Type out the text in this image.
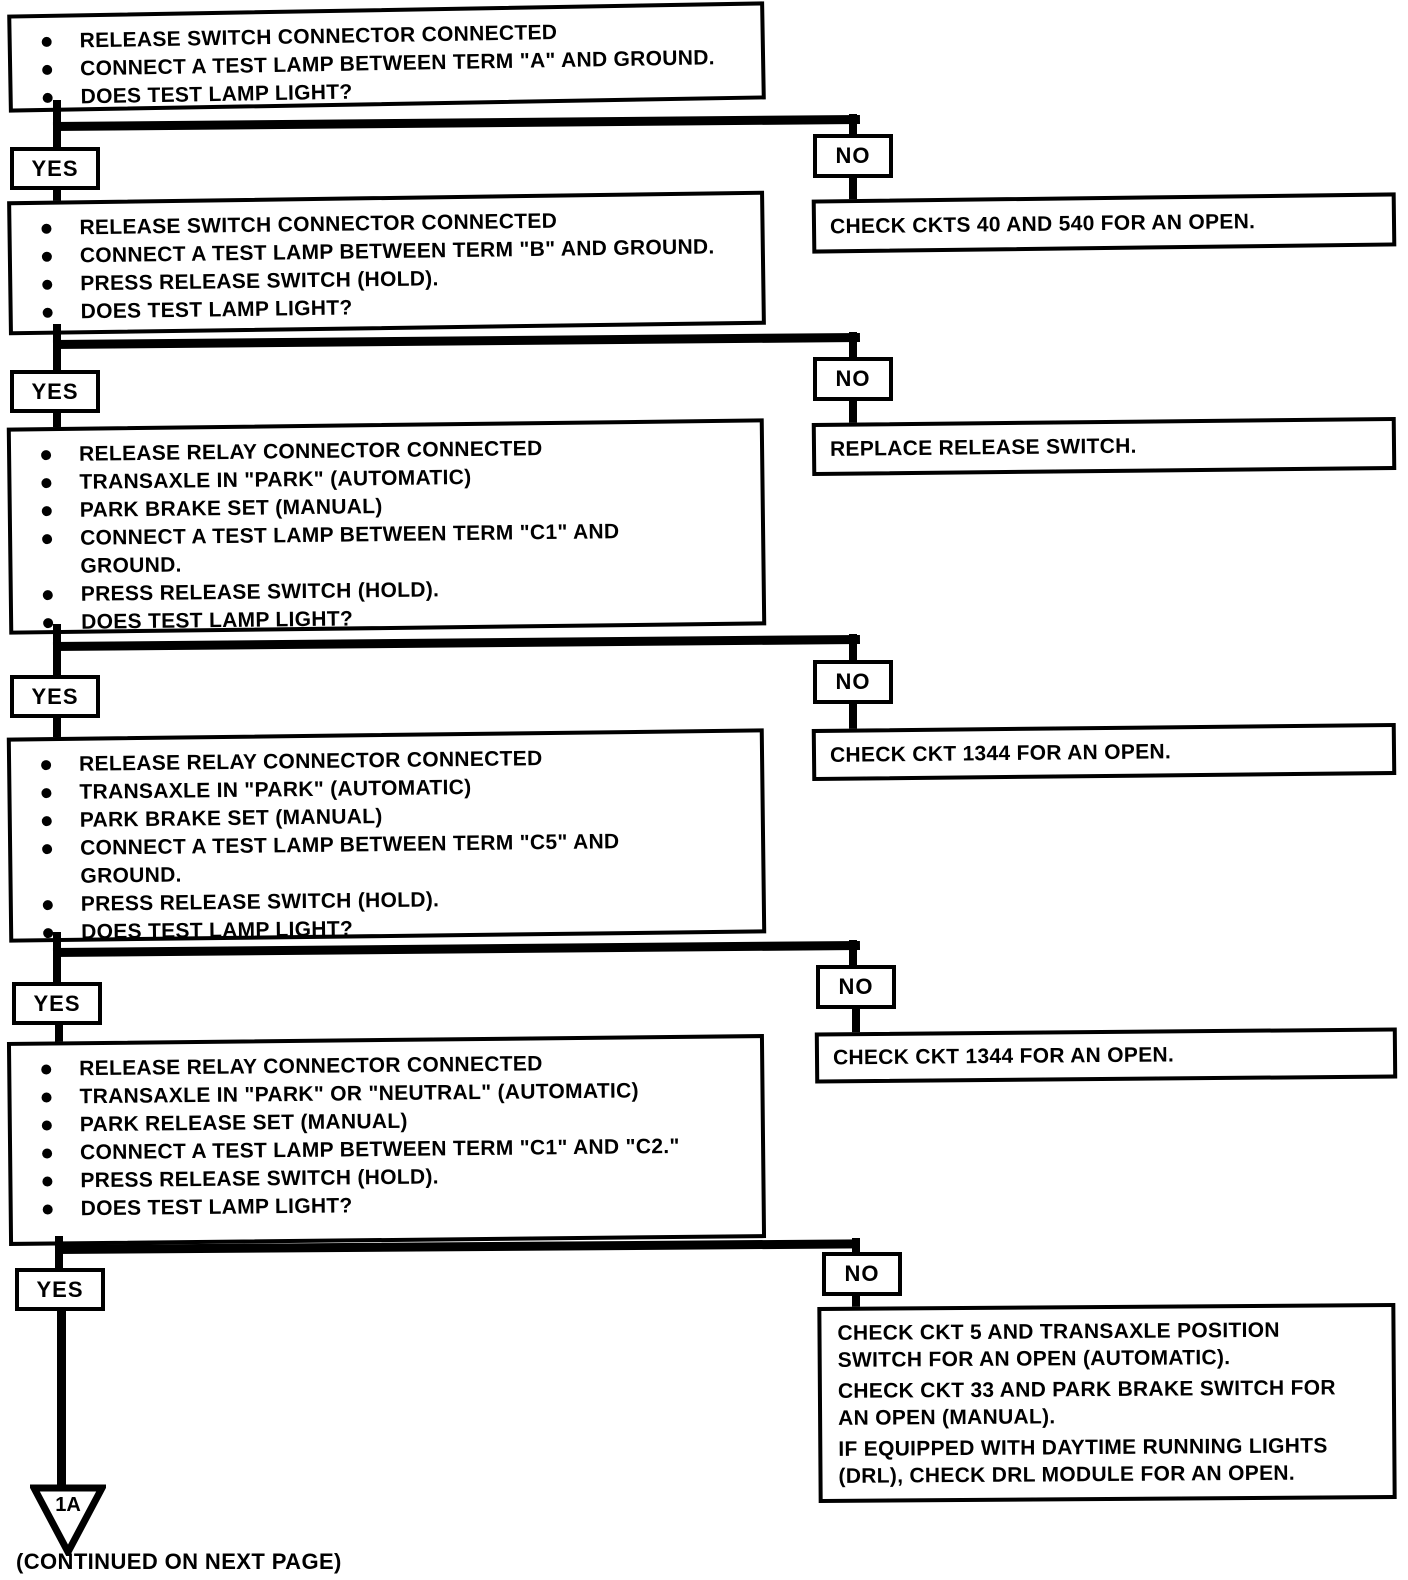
RELEASE SWITCH CONNECTOR CONNECTED
CONNECT A TEST LAMP BETWEEN TERM "A" AND GROUND.
DOES TEST LAMP LIGHT?
YES	NO
CHECK CKTS 40 AND 540 FOR AN OPEN.
RELEASE SWITCH CONNECTOR CONNECTED
CONNECT A TEST LAMP BETWEEN TERM "B" AND GROUND.
PRESS RELEASE SWITCH (HOLD).
DOES TEST LAMP LIGHT?
YES	NO
REPLACE RELEASE SWITCH.
RELEASE RELAY CONNECTOR CONNECTED
TRANSAXLE IN "PARK" (AUTOMATIC)
PARK BRAKE SET (MANUAL)
CONNECT A TEST LAMP BETWEEN TERM "C1" AND
GROUND.
PRESS RELEASE SWITCH (HOLD).
DOES TEST LAMP LIGHT?
YES
NO
CHECK CKT 1344 FOR AN OPEN.
RELEASE RELAY CONNECTOR CONNECTED
TRANSAXLE IN "PARK" (AUTOMATIC)
PARK BRAKE SET (MANUAL)
CONNECT A TEST LAMP BETWEEN TERM "C5" AND
GROUND.
PRESS RELEASE SWITCH (HOLD).
DOES TEST LAMP LIGHT?
YES
NO
CHECK CKT 1344 FOR AN OPEN.
RELEASE RELAY CONNECTOR CONNECTED
TRANSAXLE IN "PARK" OR "NEUTRAL" (AUTOMATIC)
PARK RELEASE SET (MANUAL)
CONNECT A TEST LAMP BETWEEN TERM "C1" AND "C2."
PRESS RELEASE SWITCH (HOLD).
DOES TEST LAMP LIGHT?
YES
NO
CHECK CKT 5 AND TRANSAXLE POSITION
SWITCH FOR AN OPEN (AUTOMATIC).
CHECK CKT 33 AND PARK BRAKE SWITCH FOR
AN OPEN (MANUAL).
IF EQUIPPED WITH DAYTIME RUNNING LIGHTS
(DRL), CHECK DRL MODULE FOR AN OPEN.
1A
(CONTINUED ON NEXT PAGE)
